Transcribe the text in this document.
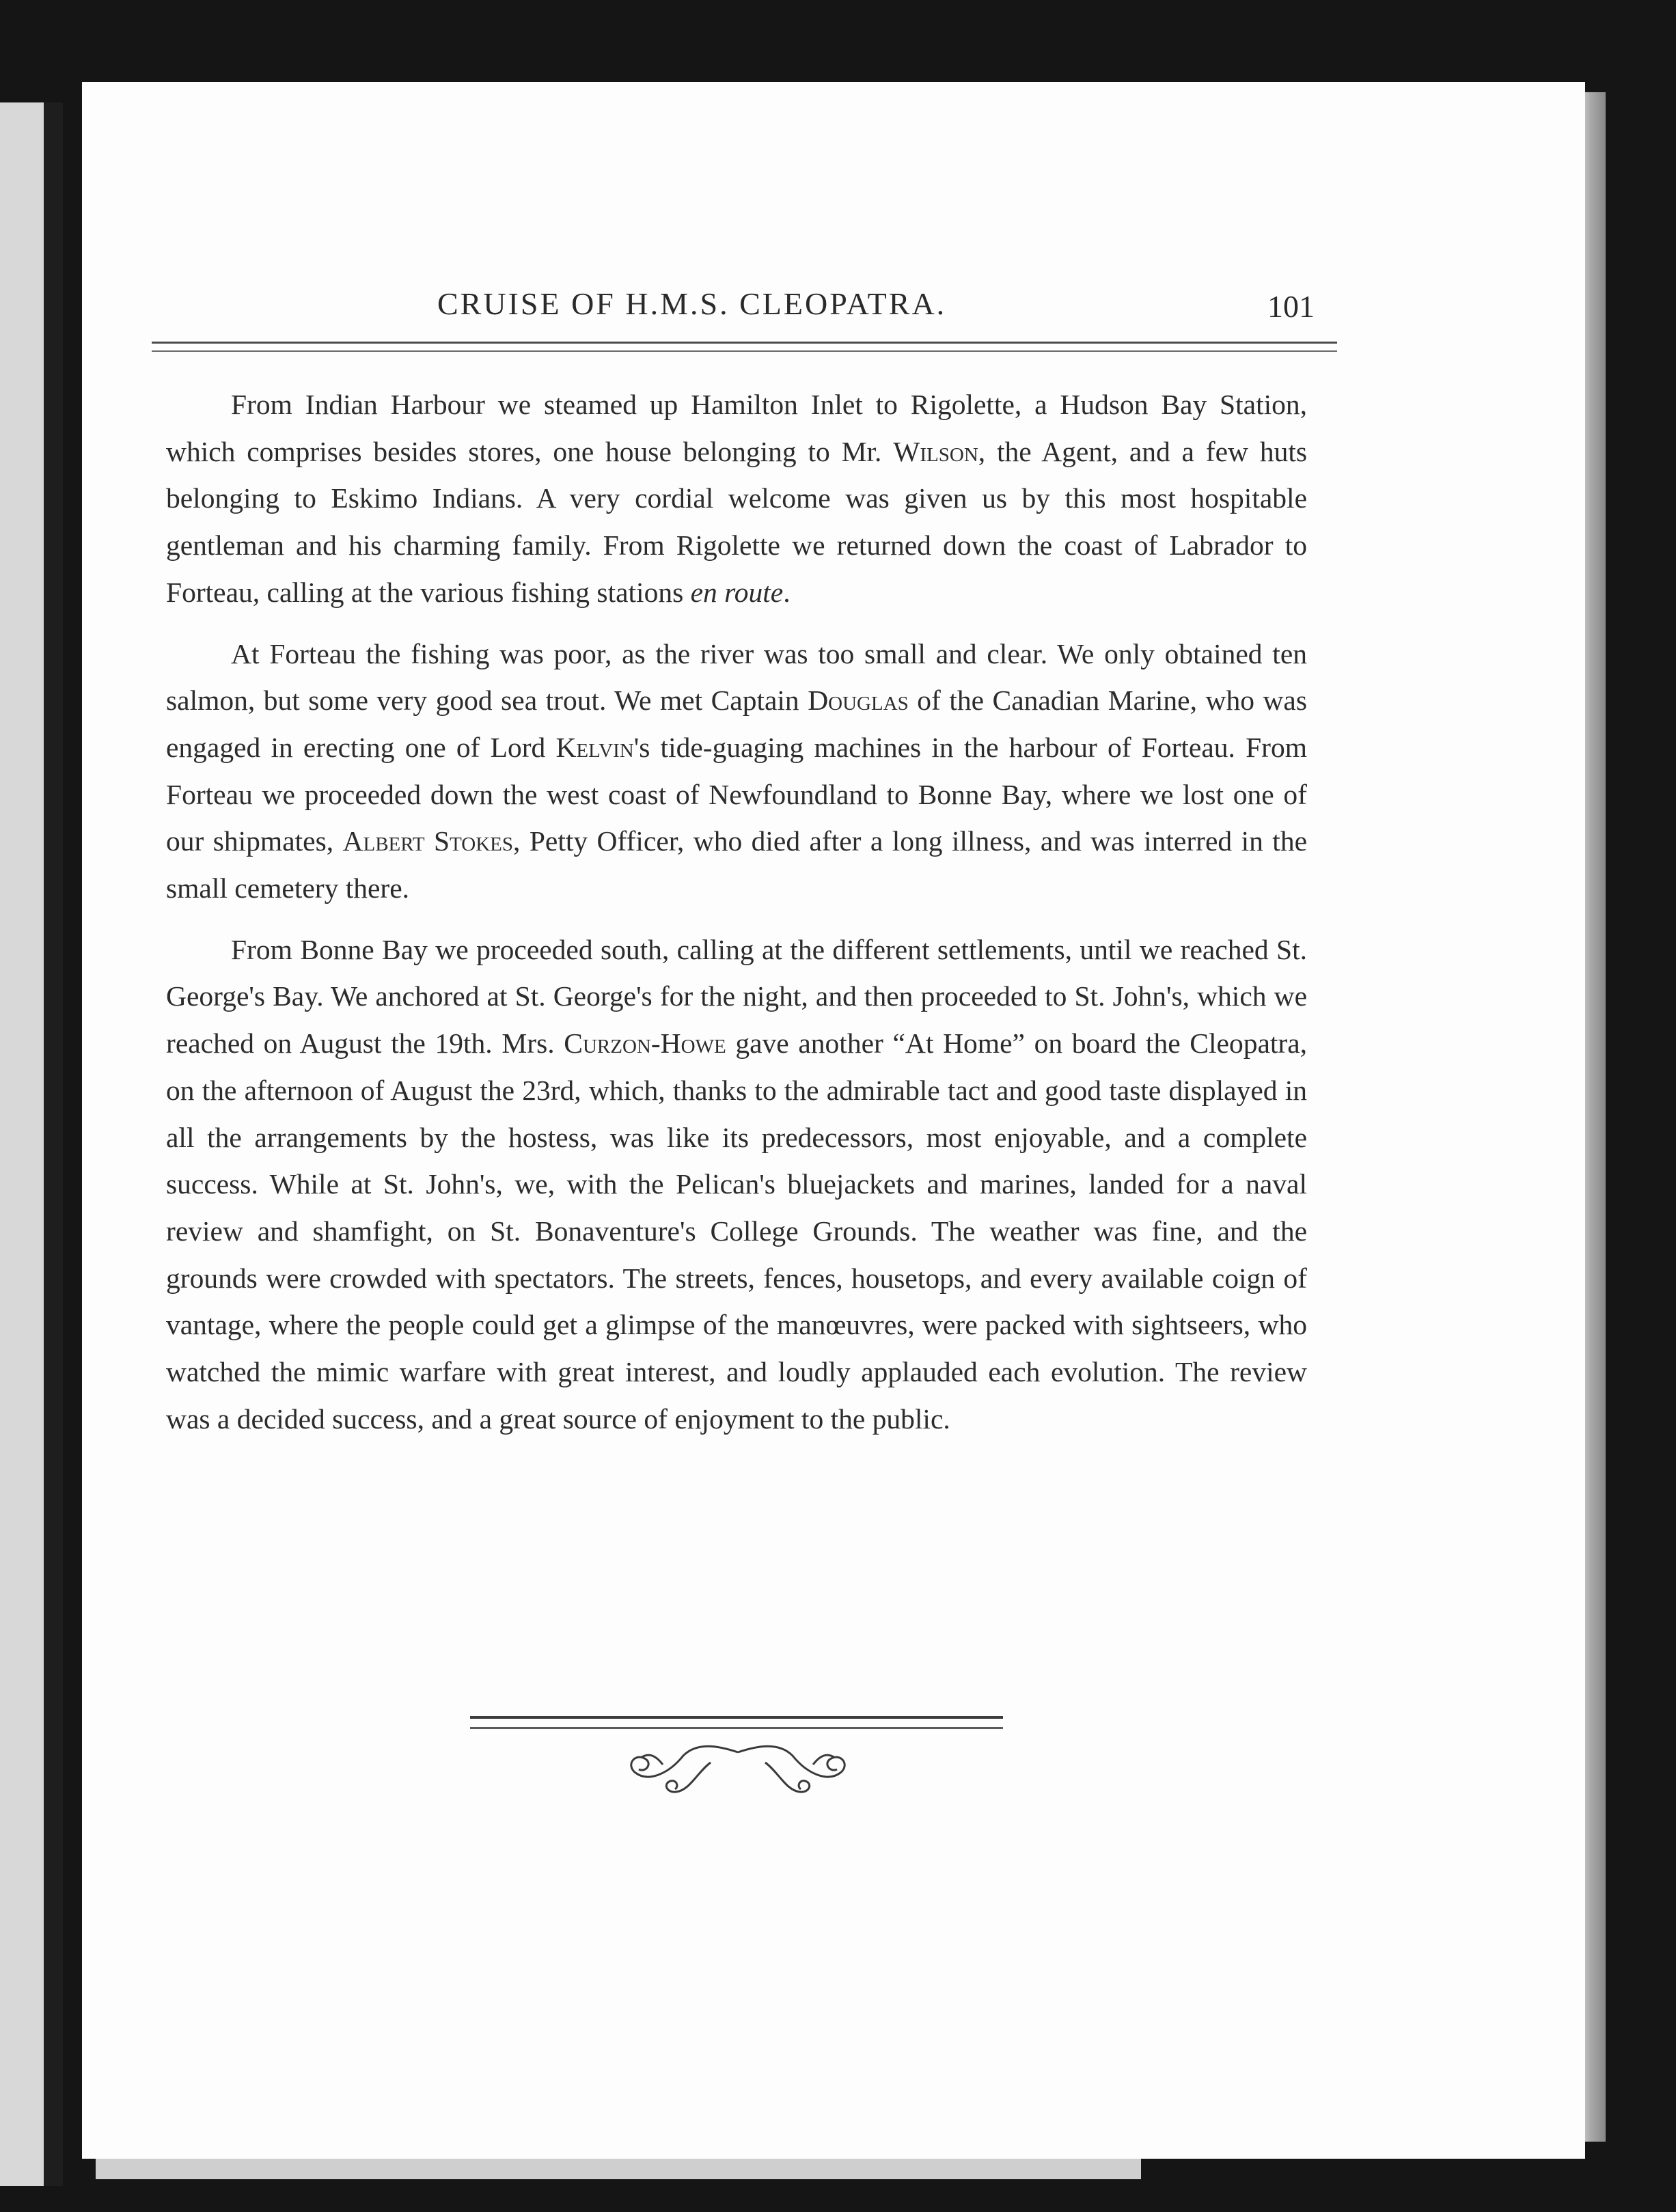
CRUISE OF H.M.S. CLEOPATRA.	101

From Indian Harbour we steamed up Hamilton Inlet to Rigolette, a Hudson Bay Station, which comprises besides stores, one house belonging to Mr. Wilson, the Agent, and a few huts belonging to Eskimo Indians. A very cordial welcome was given us by this most hospitable gentleman and his charming family. From Rigolette we returned down the coast of Labrador to Forteau, calling at the various fishing stations en route.

At Forteau the fishing was poor, as the river was too small and clear. We only obtained ten salmon, but some very good sea trout. We met Captain Douglas of the Canadian Marine, who was engaged in erecting one of Lord Kelvin's tide-guaging machines in the harbour of Forteau. From Forteau we proceeded down the west coast of Newfoundland to Bonne Bay, where we lost one of our shipmates, Albert Stokes, Petty Officer, who died after a long illness, and was interred in the small cemetery there.

From Bonne Bay we proceeded south, calling at the different settlements, until we reached St. George's Bay. We anchored at St. George's for the night, and then proceeded to St. John's, which we reached on August the 19th. Mrs. Curzon-Howe gave another “At Home” on board the Cleopatra, on the afternoon of August the 23rd, which, thanks to the admirable tact and good taste displayed in all the arrangements by the hostess, was like its predecessors, most enjoyable, and a complete success. While at St. John's, we, with the Pelican's bluejackets and marines, landed for a naval review and shamfight, on St. Bonaventure's College Grounds. The weather was fine, and the grounds were crowded with spectators. The streets, fences, housetops, and every available coign of vantage, where the people could get a glimpse of the manœuvres, were packed with sightseers, who watched the mimic warfare with great interest, and loudly applauded each evolution. The review was a decided success, and a great source of enjoyment to the public.
